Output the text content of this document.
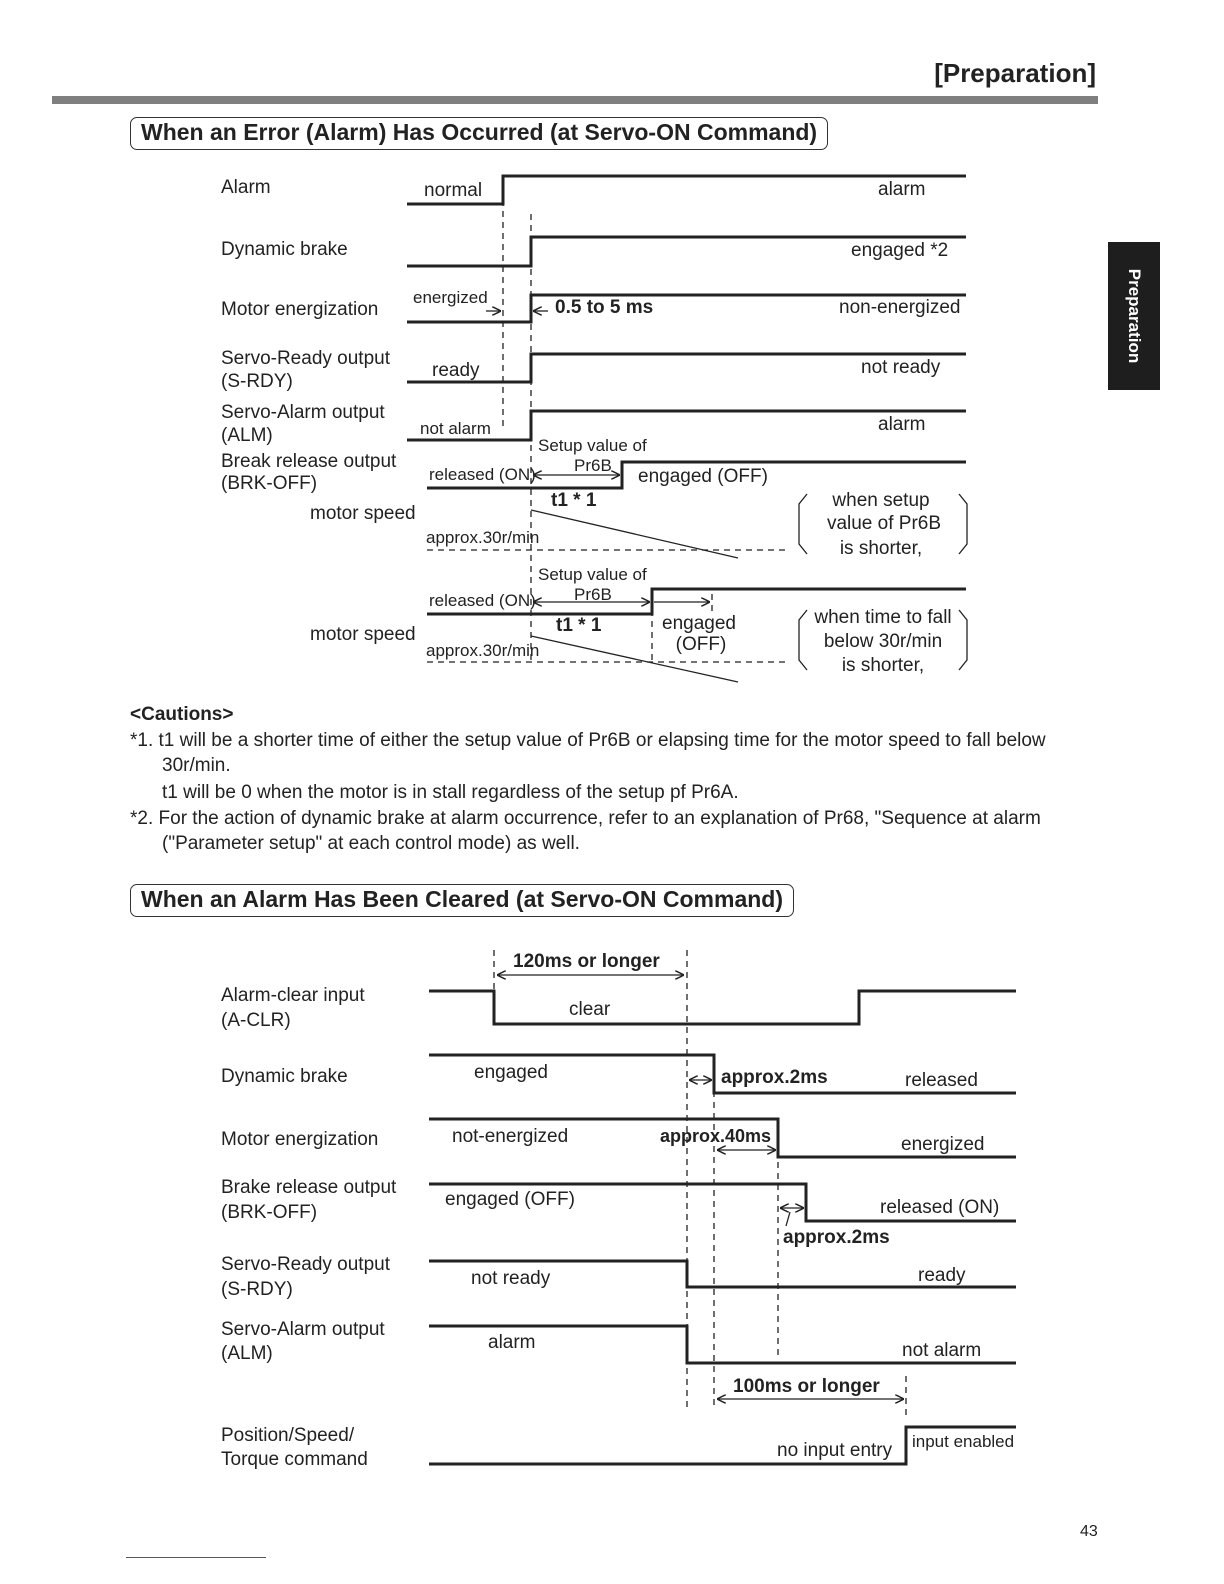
[Preparation]
Preparation
When an Error (Alarm) Has Occurred (at Servo-ON Command)
Alarm
Dynamic brake
Motor energization
Servo-Ready output
(S-RDY)
Servo-Alarm output
(ALM)
Break release output
(BRK-OFF)
motor speed
motor speed
normal	alarm
engaged *2
non-energized
ready	not ready
alarm
engaged (OFF)
when setup
value of Pr6B
is shorter,
engaged
(OFF)
when time to fall
below 30r/min
is shorter,
energized
not alarm
released (ON)
Setup value of
Pr6B
approx.30r/min
released (ON)
Setup value of
Pr6B
approx.30r/min
0.5 to 5 ms
t1 * 1
t1 * 1
<Cautions>
*1. t1 will be a shorter time of either the setup value of Pr6B or elapsing time for the motor speed to fall below
30r/min.
t1 will be 0 when the motor is in stall regardless of the setup pf Pr6A.
*2. For the action of dynamic brake at alarm occurrence, refer to an explanation of Pr68, "Sequence at alarm
("Parameter setup" at each control mode) as well.
When an Alarm Has Been Cleared (at Servo-ON Command)
Alarm-clear input
(A-CLR)
Dynamic brake
Motor energization
Brake release output
(BRK-OFF)
Servo-Ready output
(S-RDY)
Servo-Alarm output
(ALM)
Position/Speed/
Torque command
clear
engaged	released
not-energized	energized
engaged (OFF)	released (ON)
not ready	ready
alarm	not alarm
no input entry input enabled
120ms or longer
approx.2ms
approx.40ms
approx.2ms
100ms or longer
43
